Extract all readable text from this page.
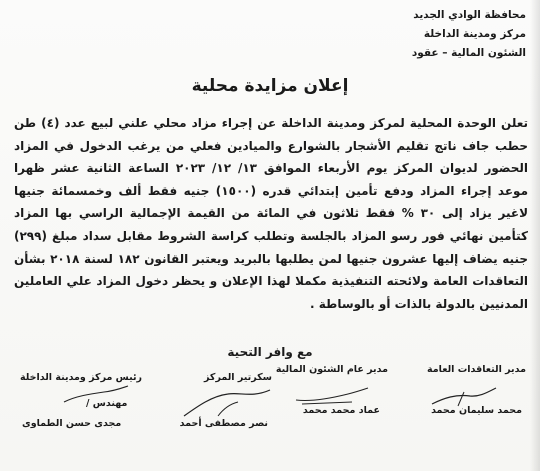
محافظة الوادي الجديد
مركز ومدينة الداخلة
الشئون المالية – عقود
إعلان مزايدة محلية
تعلن الوحدة المحلية لمركز ومدينة الداخلة عن إجراء مزاد محلي علني لبيع عدد (٤) طن حطب جاف ناتج تقليم الأشجار بالشوارع والميادين فعلي من يرغب الدخول في المزاد الحضور لديوان المركز يوم الأربعاء الموافق ١٣/ ١٢/ ٢٠٢٣ الساعة الثانية عشر ظهرا موعد إجراء المزاد ودفع تأمين إبتدائي قدره (١٥٠٠) جنيه فقط ألف وخمسمائة جنيها لاغير يزاد إلى ٣٠ % فقط ثلاثون في المائة من القيمة الإجمالية الراسي بها المزاد كتأمين نهائي فور رسو المزاد بالجلسة وتطلب كراسة الشروط مقابل سداد مبلغ (٢٩٩) جنيه يضاف إليها عشرون جنيها لمن يطلبها بالبريد ويعتبر القانون ١٨٢ لسنة ٢٠١٨ بشأن التعاقدات العامة ولائحته التنفيذية مكملا لهذا الإعلان و يحظر دخول المزاد علي العاملين المدنيين بالدولة بالذات أو بالوساطة .
مع وافر التحية
مدير التعاقدات العامة
محمد سليمان محمد
مدير عام الشئون المالية
عماد محمد محمد
سكرتير المركز
نصر مصطفى أحمد
رئيس مركز ومدينة الداخلة
مهندس /
مجدى حسن الطماوى
